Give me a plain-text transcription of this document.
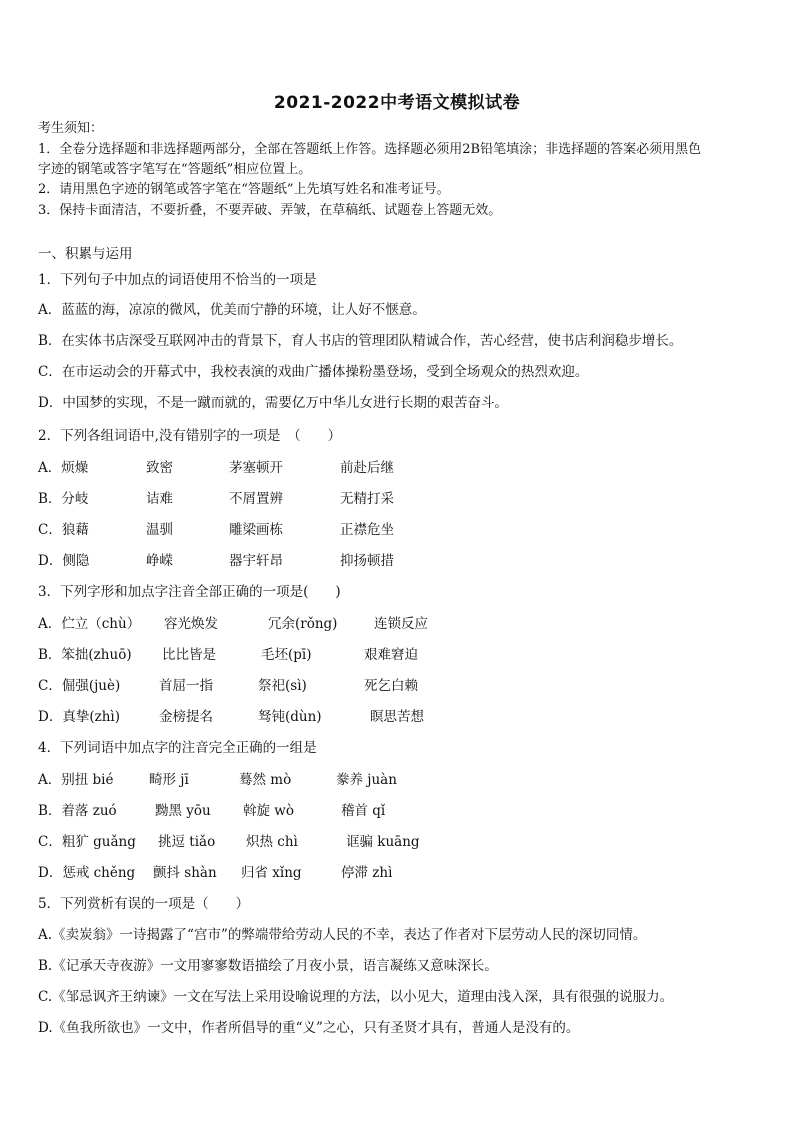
2021-2022中考语文模拟试卷
考生须知：
1．全卷分选择题和非选择题两部分，全部在答题纸上作答。选择题必须用2B铅笔填涂；非选择题的答案必须用黑色
字迹的钢笔或答字笔写在“答题纸”相应位置上。
2．请用黑色字迹的钢笔或答字笔在“答题纸”上先填写姓名和准考证号。
3．保持卡面清洁，不要折叠，不要弄破、弄皱，在草稿纸、试题卷上答题无效。
一、积累与运用
1．下列句子中加点的词语使用不恰当的一项是
A．蓝蓝的海，凉凉的微风，优美而宁静的环境，让人好不惬意。
B．在实体书店深受互联网冲击的背景下，育人书店的管理团队精诚合作，苦心经营，使书店利润稳步增长。
C．在市运动会的开幕式中，我校表演的戏曲广播体操粉墨登场，受到全场观众的热烈欢迎。
D．中国梦的实现，不是一蹴而就的，需要亿万中华儿女进行长期的艰苦奋斗。
2．下列各组词语中,没有错别字的一项是　（　　）
A．烦燥	致密	茅塞顿开	前赴后继
B．分岐	诘难	不屑置辨	无精打采
C．狼藉	温驯	雕梁画栋	正襟危坐
D．侧隐	峥嵘	器宇轩昂	抑扬顿措
3．下列字形和加点字注音全部正确的一项是(　　)
A．伫立（chù） 容光焕发	冗余(rǒng)	连锁反应
B．笨拙(zhuō) 比比皆是	毛坯(pī)	艰难窘迫
C．倔强(juè)	首屈一指	祭祀(sì)	死乞白赖
D．真挚(zhì)	金榜提名	驽钝(dùn)	瞑思苦想
4．下列词语中加点字的注音完全正确的一组是
A．别扭 bié	畸形 jī	蓦然 mò	豢养 juàn
B．着落 zuó	黝黑 yōu 斡旋 wò	稽首 qǐ
C．粗犷 guǎng 挑逗 tiǎo 炽热 chì	诓骗 kuāng
D．惩戒 chěng 颤抖 shàn 归省 xǐng	停滞 zhì
5．下列赏析有误的一项是（　　）
A.《卖炭翁》一诗揭露了“宫市”的弊端带给劳动人民的不幸，表达了作者对下层劳动人民的深切同情。
B.《记承天寺夜游》一文用寥寥数语描绘了月夜小景，语言凝练又意味深长。
C.《邹忌讽齐王纳谏》一文在写法上采用设喻说理的方法，以小见大，道理由浅入深，具有很强的说服力。
D.《鱼我所欲也》一文中，作者所倡导的重“义”之心，只有圣贤才具有，普通人是没有的。
